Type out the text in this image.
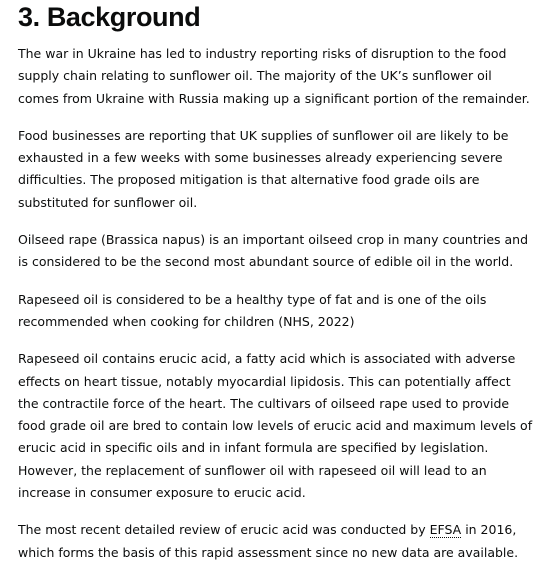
3. Background

The war in Ukraine has led to industry reporting risks of disruption to the food supply chain relating to sunflower oil. The majority of the UK’s sunflower oil comes from Ukraine with Russia making up a significant portion of the remainder.

Food businesses are reporting that UK supplies of sunflower oil are likely to be exhausted in a few weeks with some businesses already experiencing severe difficulties. The proposed mitigation is that alternative food grade oils are substituted for sunflower oil.

Oilseed rape (Brassica napus) is an important oilseed crop in many countries and is considered to be the second most abundant source of edible oil in the world.

Rapeseed oil is considered to be a healthy type of fat and is one of the oils recommended when cooking for children (NHS, 2022)

Rapeseed oil contains erucic acid, a fatty acid which is associated with adverse effects on heart tissue, notably myocardial lipidosis. This can potentially affect the contractile force of the heart. The cultivars of oilseed rape used to provide food grade oil are bred to contain low levels of erucic acid and maximum levels of erucic acid in specific oils and in infant formula are specified by legislation. However, the replacement of sunflower oil with rapeseed oil will lead to an increase in consumer exposure to erucic acid.

The most recent detailed review of erucic acid was conducted by EFSA in 2016, which forms the basis of this rapid assessment since no new data are available.
